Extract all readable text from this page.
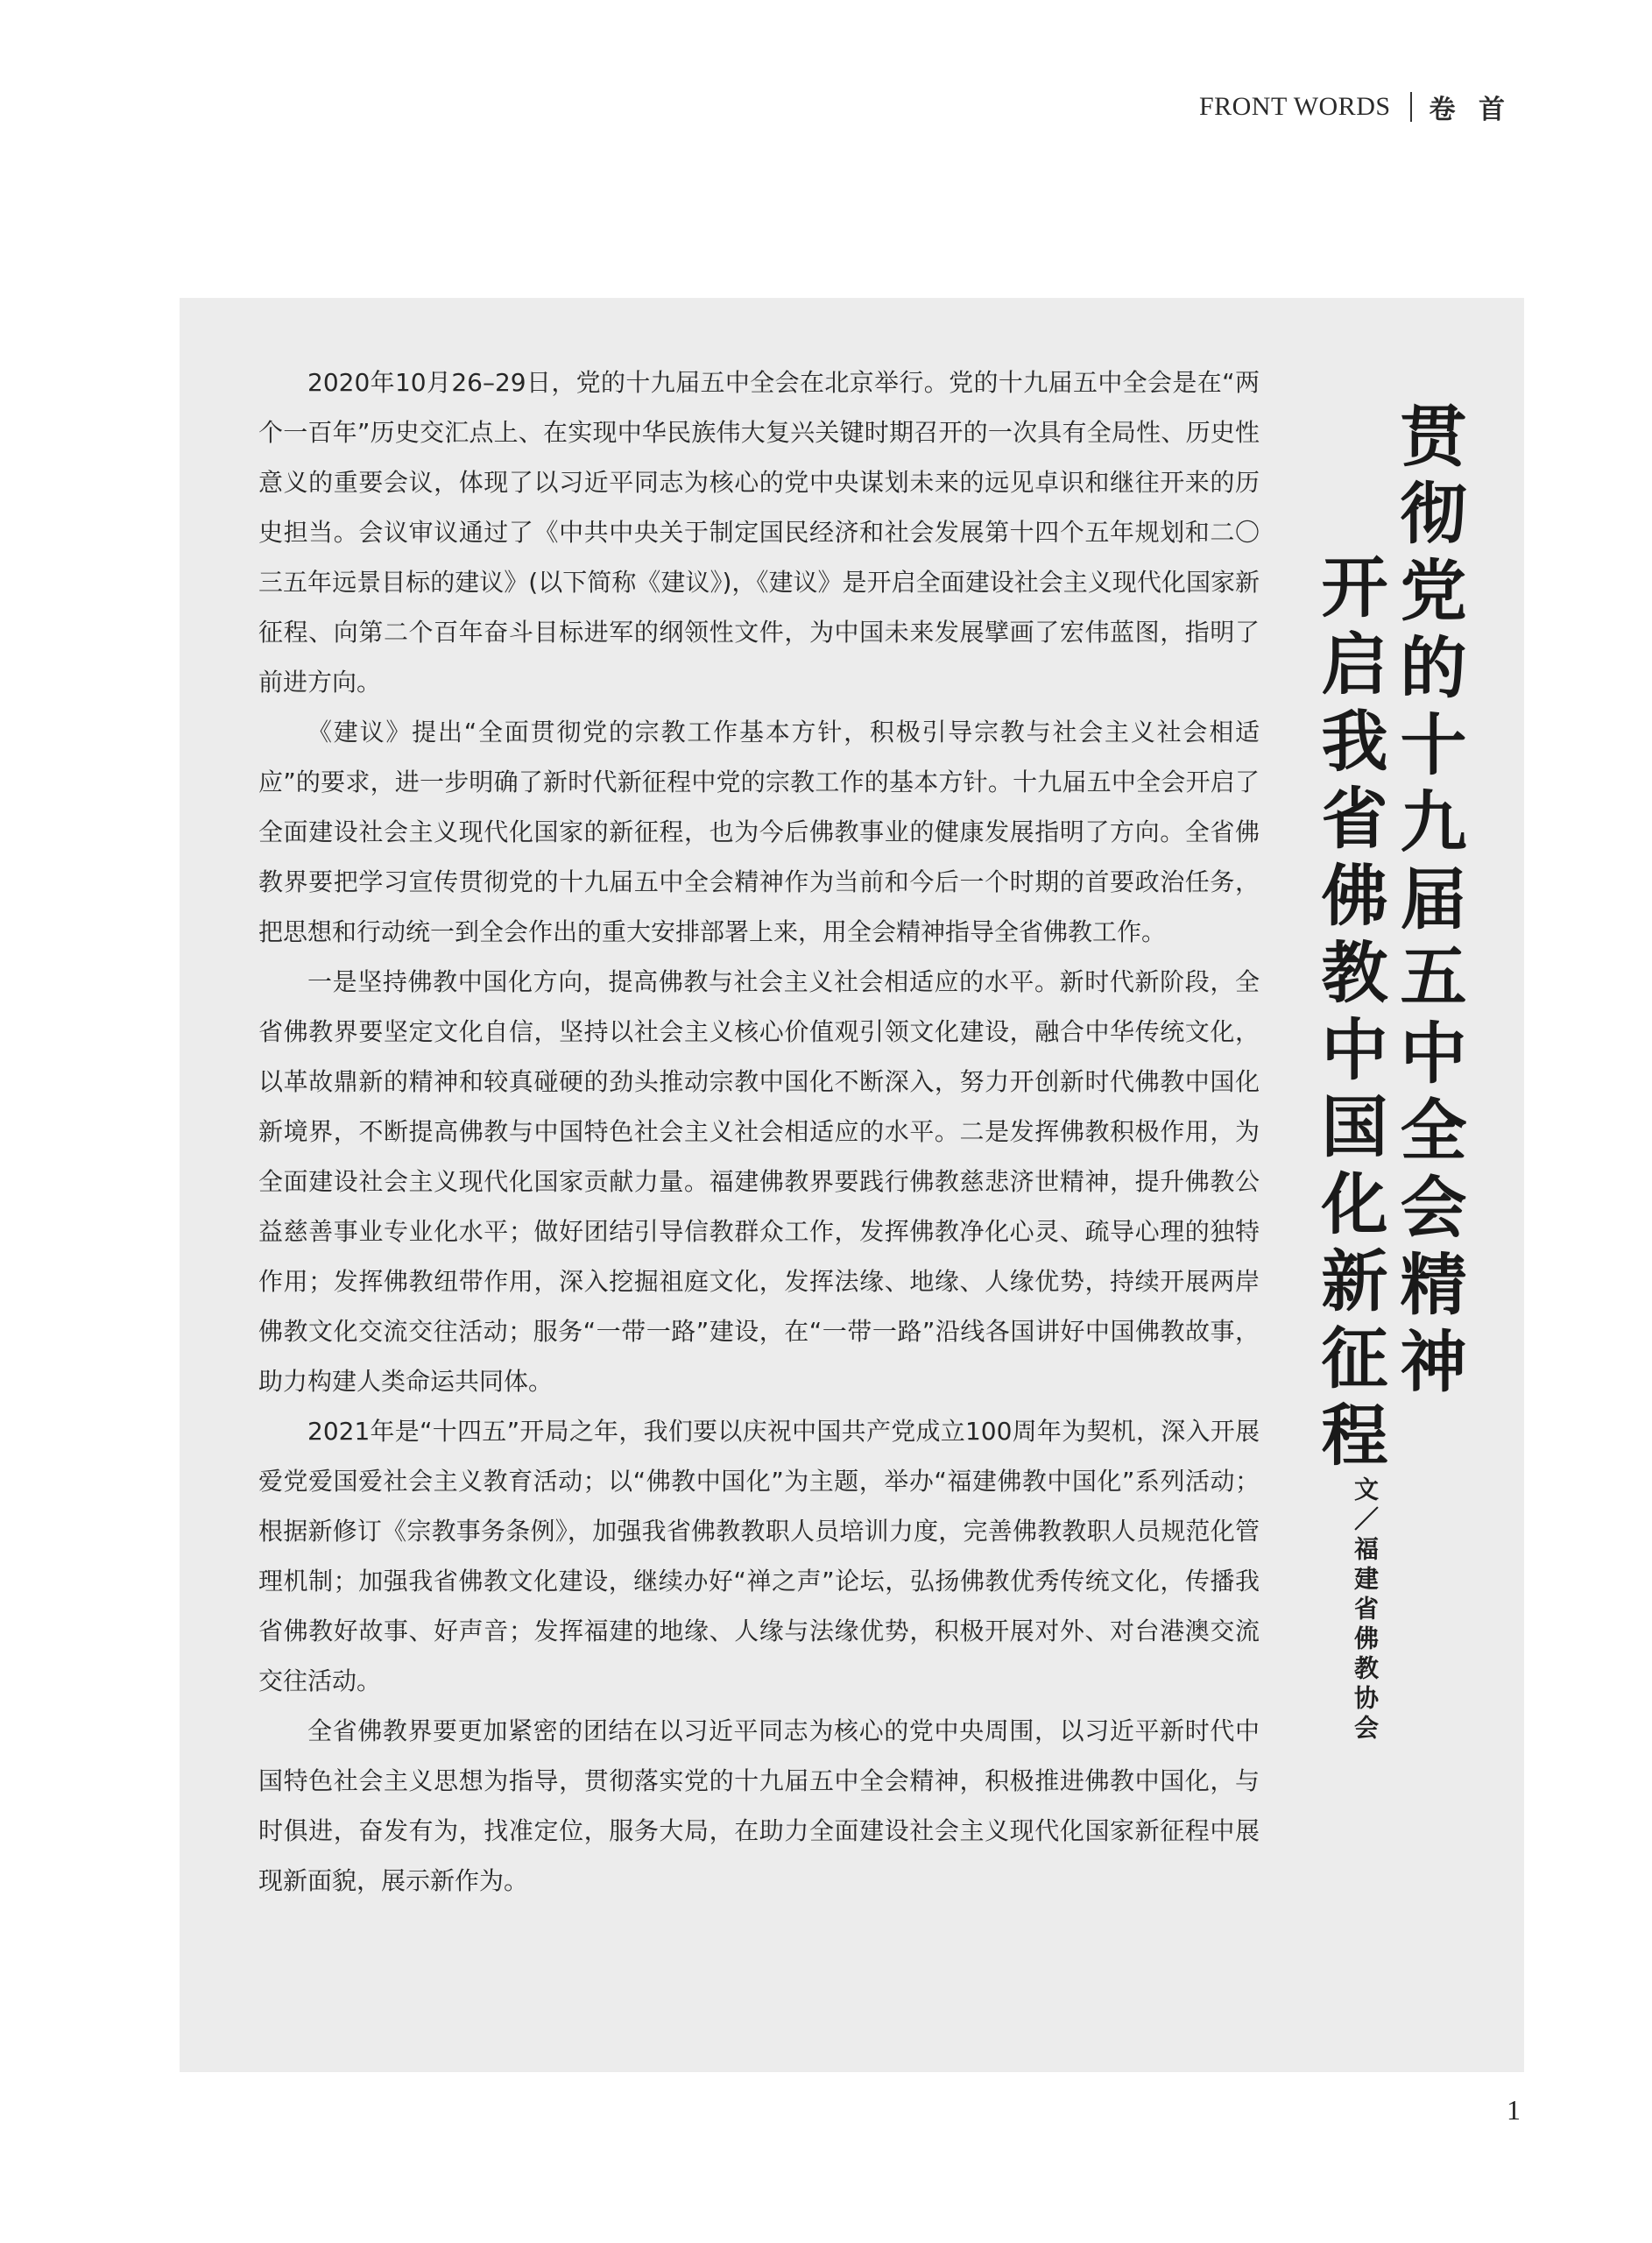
FRONT WORDS 卷 首

2020年10月26–29日，党的十九届五中全会在北京举行。党的十九届五中全会是在“两个一百年”历史交汇点上、在实现中华民族伟大复兴关键时期召开的一次具有全局性、历史性意义的重要会议，体现了以习近平同志为核心的党中央谋划未来的远见卓识和继往开来的历史担当。会议审议通过了《中共中央关于制定国民经济和社会发展第十四个五年规划和二〇三五年远景目标的建议》(以下简称《建议》)，《建议》是开启全面建设社会主义现代化国家新征程、向第二个百年奋斗目标进军的纲领性文件，为中国未来发展擘画了宏伟蓝图，指明了前进方向。

《建议》提出“全面贯彻党的宗教工作基本方针，积极引导宗教与社会主义社会相适应”的要求，进一步明确了新时代新征程中党的宗教工作的基本方针。十九届五中全会开启了全面建设社会主义现代化国家的新征程，也为今后佛教事业的健康发展指明了方向。全省佛教界要把学习宣传贯彻党的十九届五中全会精神作为当前和今后一个时期的首要政治任务，把思想和行动统一到全会作出的重大安排部署上来，用全会精神指导全省佛教工作。

一是坚持佛教中国化方向，提高佛教与社会主义社会相适应的水平。新时代新阶段，全省佛教界要坚定文化自信，坚持以社会主义核心价值观引领文化建设，融合中华传统文化，以革故鼎新的精神和较真碰硬的劲头推动宗教中国化不断深入，努力开创新时代佛教中国化新境界，不断提高佛教与中国特色社会主义社会相适应的水平。二是发挥佛教积极作用，为全面建设社会主义现代化国家贡献力量。福建佛教界要践行佛教慈悲济世精神，提升佛教公益慈善事业专业化水平；做好团结引导信教群众工作，发挥佛教净化心灵、疏导心理的独特作用；发挥佛教纽带作用，深入挖掘祖庭文化，发挥法缘、地缘、人缘优势，持续开展两岸佛教文化交流交往活动；服务“一带一路”建设，在“一带一路”沿线各国讲好中国佛教故事，助力构建人类命运共同体。

2021年是“十四五”开局之年，我们要以庆祝中国共产党成立100周年为契机，深入开展爱党爱国爱社会主义教育活动；以“佛教中国化”为主题，举办“福建佛教中国化”系列活动；根据新修订《宗教事务条例》，加强我省佛教教职人员培训力度，完善佛教教职人员规范化管理机制；加强我省佛教文化建设，继续办好“禅之声”论坛，弘扬佛教优秀传统文化，传播我省佛教好故事、好声音；发挥福建的地缘、人缘与法缘优势，积极开展对外、对台港澳交流交往活动。

全省佛教界要更加紧密的团结在以习近平同志为核心的党中央周围，以习近平新时代中国特色社会主义思想为指导，贯彻落实党的十九届五中全会精神，积极推进佛教中国化，与时俱进，奋发有为，找准定位，服务大局，在助力全面建设社会主义现代化国家新征程中展现新面貌，展示新作为。

贯彻党的十九届五中全会精神
开启我省佛教中国化新征程
文／福建省佛教协会
1
